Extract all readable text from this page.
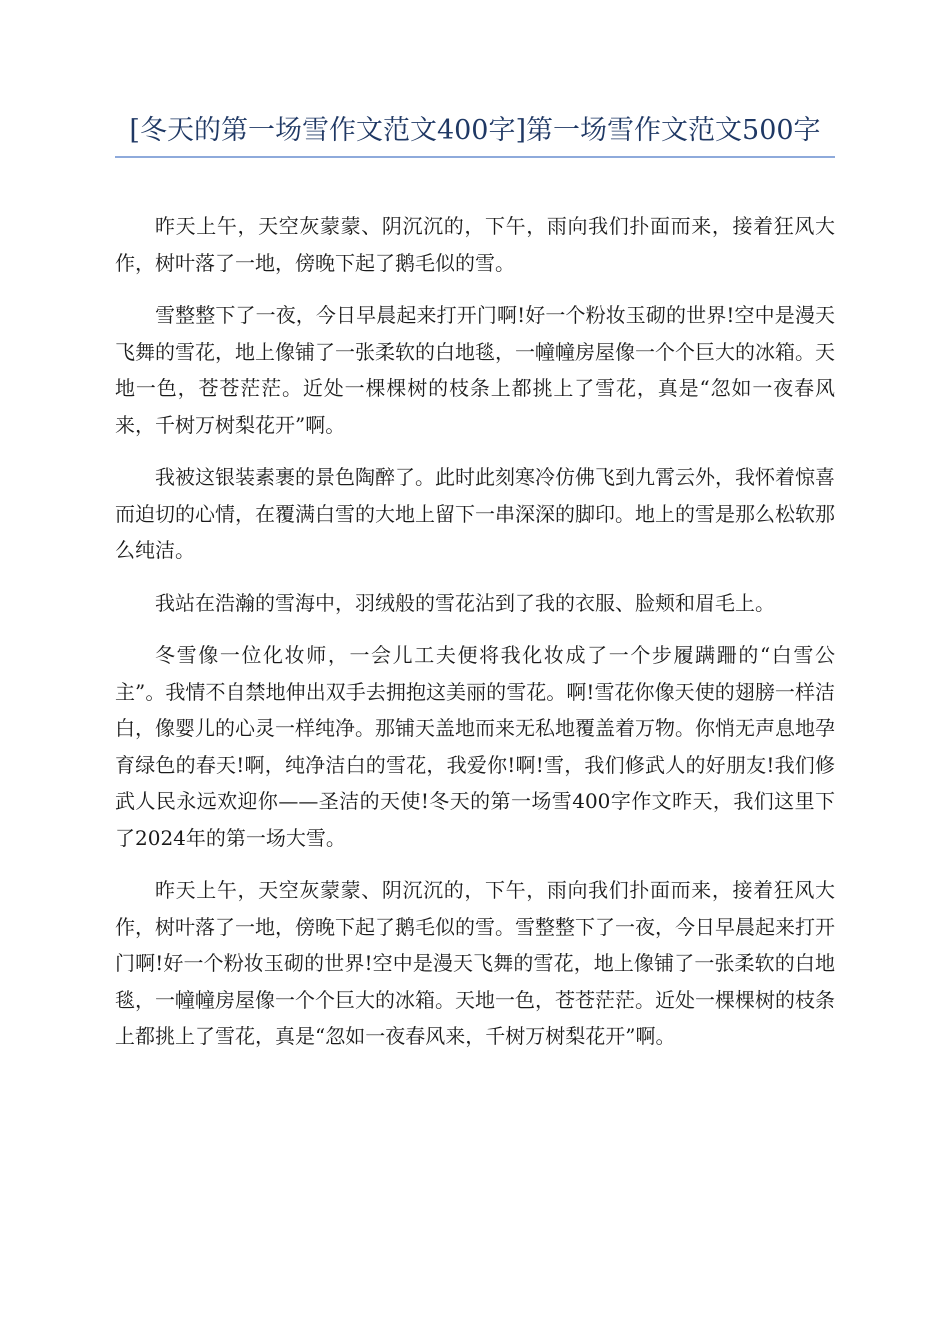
[冬天的第一场雪作文范文400字]第一场雪作文范文500字

昨天上午，天空灰蒙蒙、阴沉沉的，下午，雨向我们扑面而来，接着狂风大作，树叶落了一地，傍晚下起了鹅毛似的雪。

雪整整下了一夜，今日早晨起来打开门啊!好一个粉妆玉砌的世界!空中是漫天飞舞的雪花，地上像铺了一张柔软的白地毯，一幢幢房屋像一个个巨大的冰箱。天地一色，苍苍茫茫。近处一棵棵树的枝条上都挑上了雪花，真是“忽如一夜春风来，千树万树梨花开”啊。

我被这银装素裹的景色陶醉了。此时此刻寒冷仿佛飞到九霄云外，我怀着惊喜而迫切的心情，在覆满白雪的大地上留下一串深深的脚印。地上的雪是那么松软那么纯洁。

我站在浩瀚的雪海中，羽绒般的雪花沾到了我的衣服、脸颊和眉毛上。

冬雪像一位化妆师，一会儿工夫便将我化妆成了一个步履蹒跚的“白雪公主”。我情不自禁地伸出双手去拥抱这美丽的雪花。啊!雪花你像天使的翅膀一样洁白，像婴儿的心灵一样纯净。那铺天盖地而来无私地覆盖着万物。你悄无声息地孕育绿色的春天!啊，纯净洁白的雪花，我爱你!啊!雪，我们修武人的好朋友!我们修武人民永远欢迎你——圣洁的天使!冬天的第一场雪400字作文昨天，我们这里下了2024年的第一场大雪。

昨天上午，天空灰蒙蒙、阴沉沉的，下午，雨向我们扑面而来，接着狂风大作，树叶落了一地，傍晚下起了鹅毛似的雪。雪整整下了一夜，今日早晨起来打开门啊!好一个粉妆玉砌的世界!空中是漫天飞舞的雪花，地上像铺了一张柔软的白地毯，一幢幢房屋像一个个巨大的冰箱。天地一色，苍苍茫茫。近处一棵棵树的枝条上都挑上了雪花，真是“忽如一夜春风来，千树万树梨花开”啊。
